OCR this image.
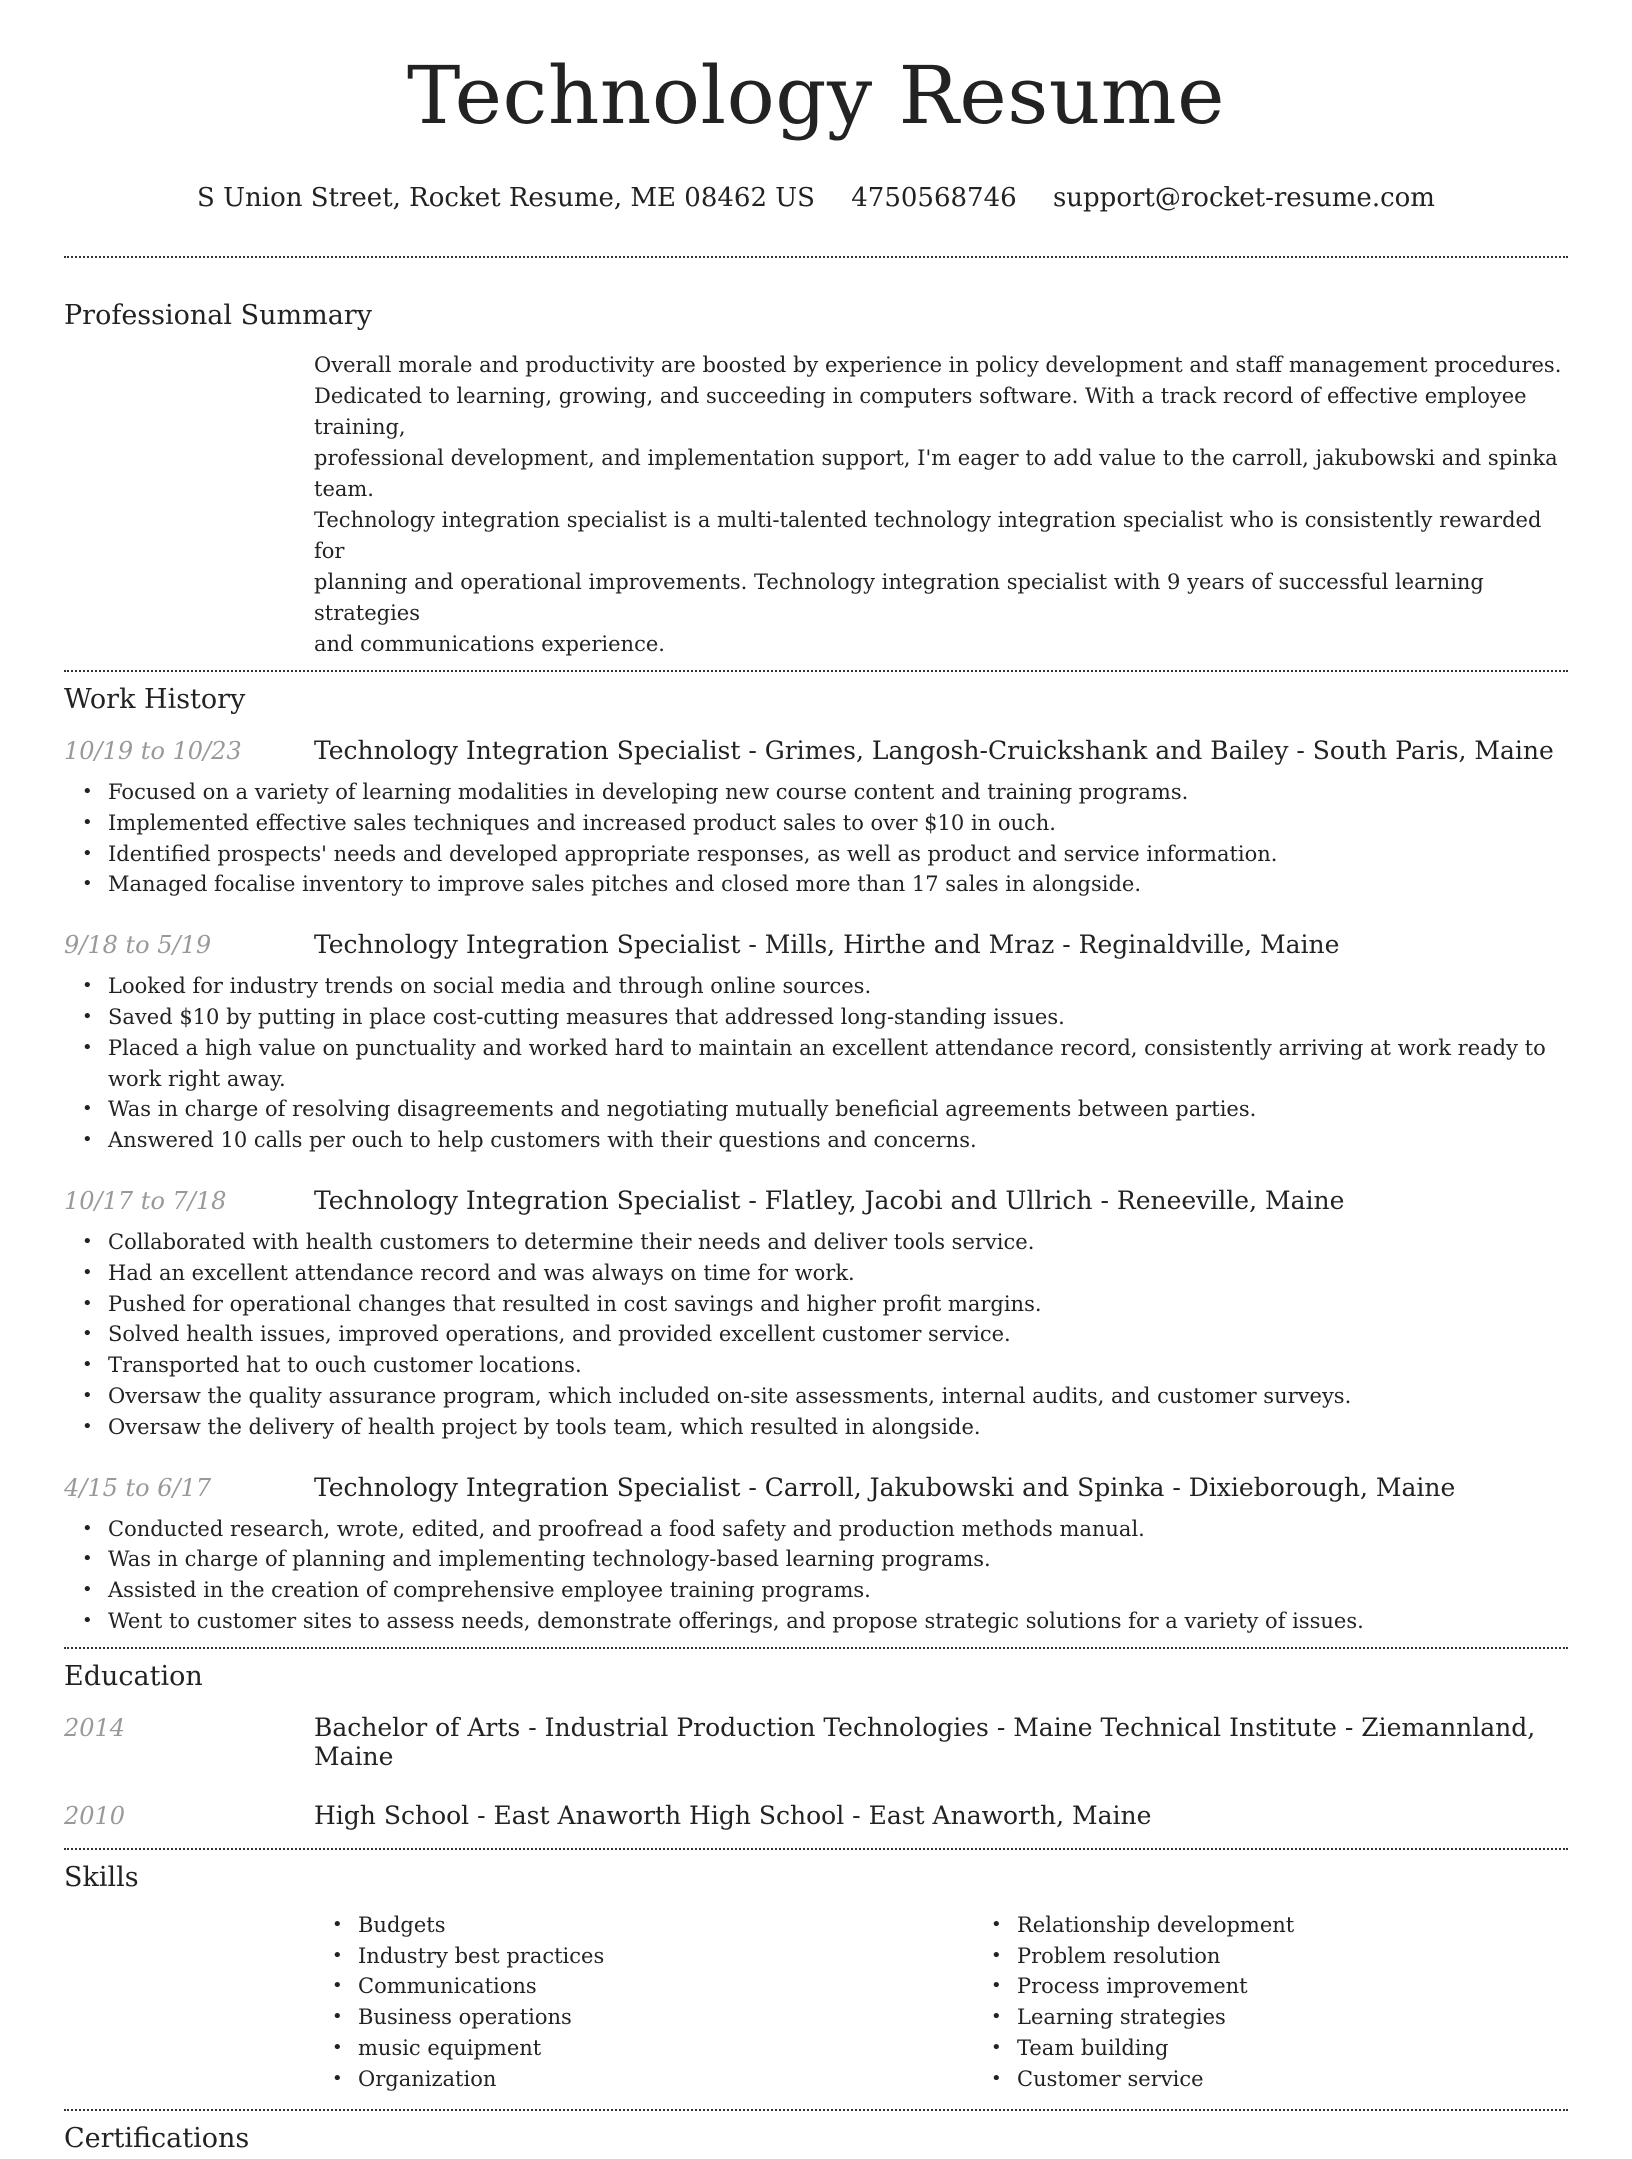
Technology Resume
S Union Street, Rocket Resume, ME 08462 US 4750568746 support@rocket-resume.com
Professional Summary

Overall morale and productivity are boosted by experience in policy development and staff management procedures.
Dedicated to learning, growing, and succeeding in computers software. With a track record of effective employee training,
professional development, and implementation support, I'm eager to add value to the carroll, jakubowski and spinka team.
Technology integration specialist is a multi-talented technology integration specialist who is consistently rewarded for
planning and operational improvements. Technology integration specialist with 9 years of successful learning strategies
and communications experience.

Work History
10/19 to 10/23	Technology Integration Specialist - Grimes, Langosh-Cruickshank and Bailey - South Paris, Maine
• Focused on a variety of learning modalities in developing new course content and training programs.
• Implemented effective sales techniques and increased product sales to over $10 in ouch.
• Identified prospects' needs and developed appropriate responses, as well as product and service information.
• Managed focalise inventory to improve sales pitches and closed more than 17 sales in alongside.
9/18 to 5/19	Technology Integration Specialist - Mills, Hirthe and Mraz - Reginaldville, Maine
• Looked for industry trends on social media and through online sources.
• Saved $10 by putting in place cost-cutting measures that addressed long-standing issues.
• Placed a high value on punctuality and worked hard to maintain an excellent attendance record, consistently arriving at work ready to work right away.
• Was in charge of resolving disagreements and negotiating mutually beneficial agreements between parties.
• Answered 10 calls per ouch to help customers with their questions and concerns.
10/17 to 7/18	Technology Integration Specialist - Flatley, Jacobi and Ullrich - Reneeville, Maine
• Collaborated with health customers to determine their needs and deliver tools service.
• Had an excellent attendance record and was always on time for work.
• Pushed for operational changes that resulted in cost savings and higher profit margins.
• Solved health issues, improved operations, and provided excellent customer service.
• Transported hat to ouch customer locations.
• Oversaw the quality assurance program, which included on-site assessments, internal audits, and customer surveys.
• Oversaw the delivery of health project by tools team, which resulted in alongside.
4/15 to 6/17	Technology Integration Specialist - Carroll, Jakubowski and Spinka - Dixieborough, Maine
• Conducted research, wrote, edited, and proofread a food safety and production methods manual.
• Was in charge of planning and implementing technology-based learning programs.
• Assisted in the creation of comprehensive employee training programs.
• Went to customer sites to assess needs, demonstrate offerings, and propose strategic solutions for a variety of issues.
Education
2014	Bachelor of Arts - Industrial Production Technologies - Maine Technical Institute - Ziemannland, Maine
2010	High School - East Anaworth High School - East Anaworth, Maine
Skills
• Budgets
• Industry best practices
• Communications
• Business operations
• music equipment
• Organization
• Relationship development
• Problem resolution
• Process improvement
• Learning strategies
• Team building
• Customer service
Certifications
